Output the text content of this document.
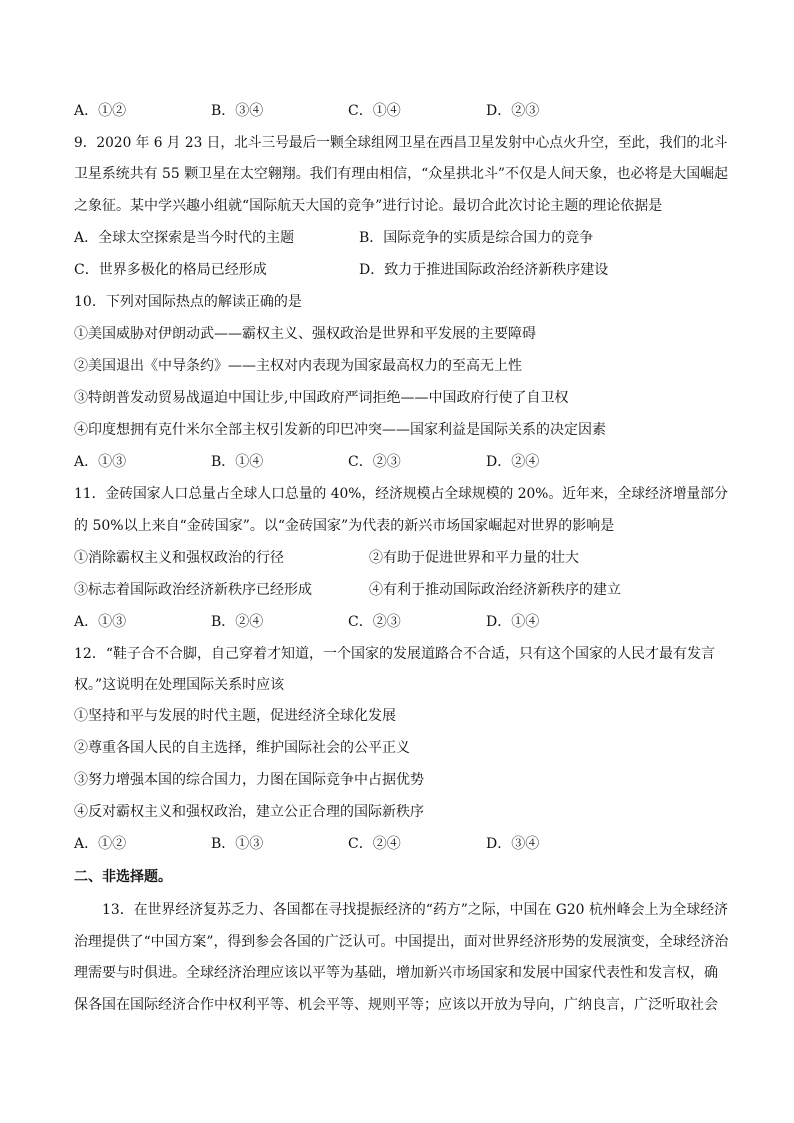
A．①②	B．③④	C．①④	D．②③
9．2020 年 6 月 23 日，北斗三号最后一颗全球组网卫星在西昌卫星发射中心点火升空，至此，我们的北斗
卫星系统共有 55 颗卫星在太空翱翔。我们有理由相信，“众星拱北斗”不仅是人间天象，也必将是大国崛起
之象征。某中学兴趣小组就“国际航天大国的竞争”进行讨论。最切合此次讨论主题的理论依据是
A．全球太空探索是当今时代的主题	B．国际竞争的实质是综合国力的竞争
C．世界多极化的格局已经形成	D．致力于推进国际政治经济新秩序建设
10．下列对国际热点的解读正确的是
①美国威胁对伊朗动武——霸权主义、强权政治是世界和平发展的主要障碍
②美国退出《中导条约》——主权对内表现为国家最高权力的至高无上性
③特朗普发动贸易战逼迫中国让步,中国政府严词拒绝——中国政府行使了自卫权
④印度想拥有克什米尔全部主权引发新的印巴冲突——国家利益是国际关系的决定因素
A．①③	B．①④	C．②③	D．②④
11．金砖国家人口总量占全球人口总量的 40%，经济规模占全球规模的 20%。近年来，全球经济增量部分
的 50%以上来自“金砖国家”。以“金砖国家”为代表的新兴市场国家崛起对世界的影响是
①消除霸权主义和强权政治的行径	②有助于促进世界和平力量的壮大
③标志着国际政治经济新秩序已经形成	④有利于推动国际政治经济新秩序的建立
A．①③	B．②④	C．②③	D．①④
12．“鞋子合不合脚，自己穿着才知道，一个国家的发展道路合不合适，只有这个国家的人民才最有发言
权。”这说明在处理国际关系时应该
①坚持和平与发展的时代主题，促进经济全球化发展
②尊重各国人民的自主选择，维护国际社会的公平正义
③努力增强本国的综合国力，力图在国际竞争中占据优势
④反对霸权主义和强权政治，建立公正合理的国际新秩序
A．①②	B．①③	C．②④	D．③④
二、非选择题。
13．在世界经济复苏乏力、各国都在寻找提振经济的“药方”之际，中国在 G20 杭州峰会上为全球经济
治理提供了“中国方案”，得到参会各国的广泛认可。中国提出，面对世界经济形势的发展演变，全球经济治
理需要与时俱进。全球经济治理应该以平等为基础，增加新兴市场国家和发展中国家代表性和发言权，确
保各国在国际经济合作中权利平等、机会平等、规则平等；应该以开放为导向，广纳良言，广泛听取社会
